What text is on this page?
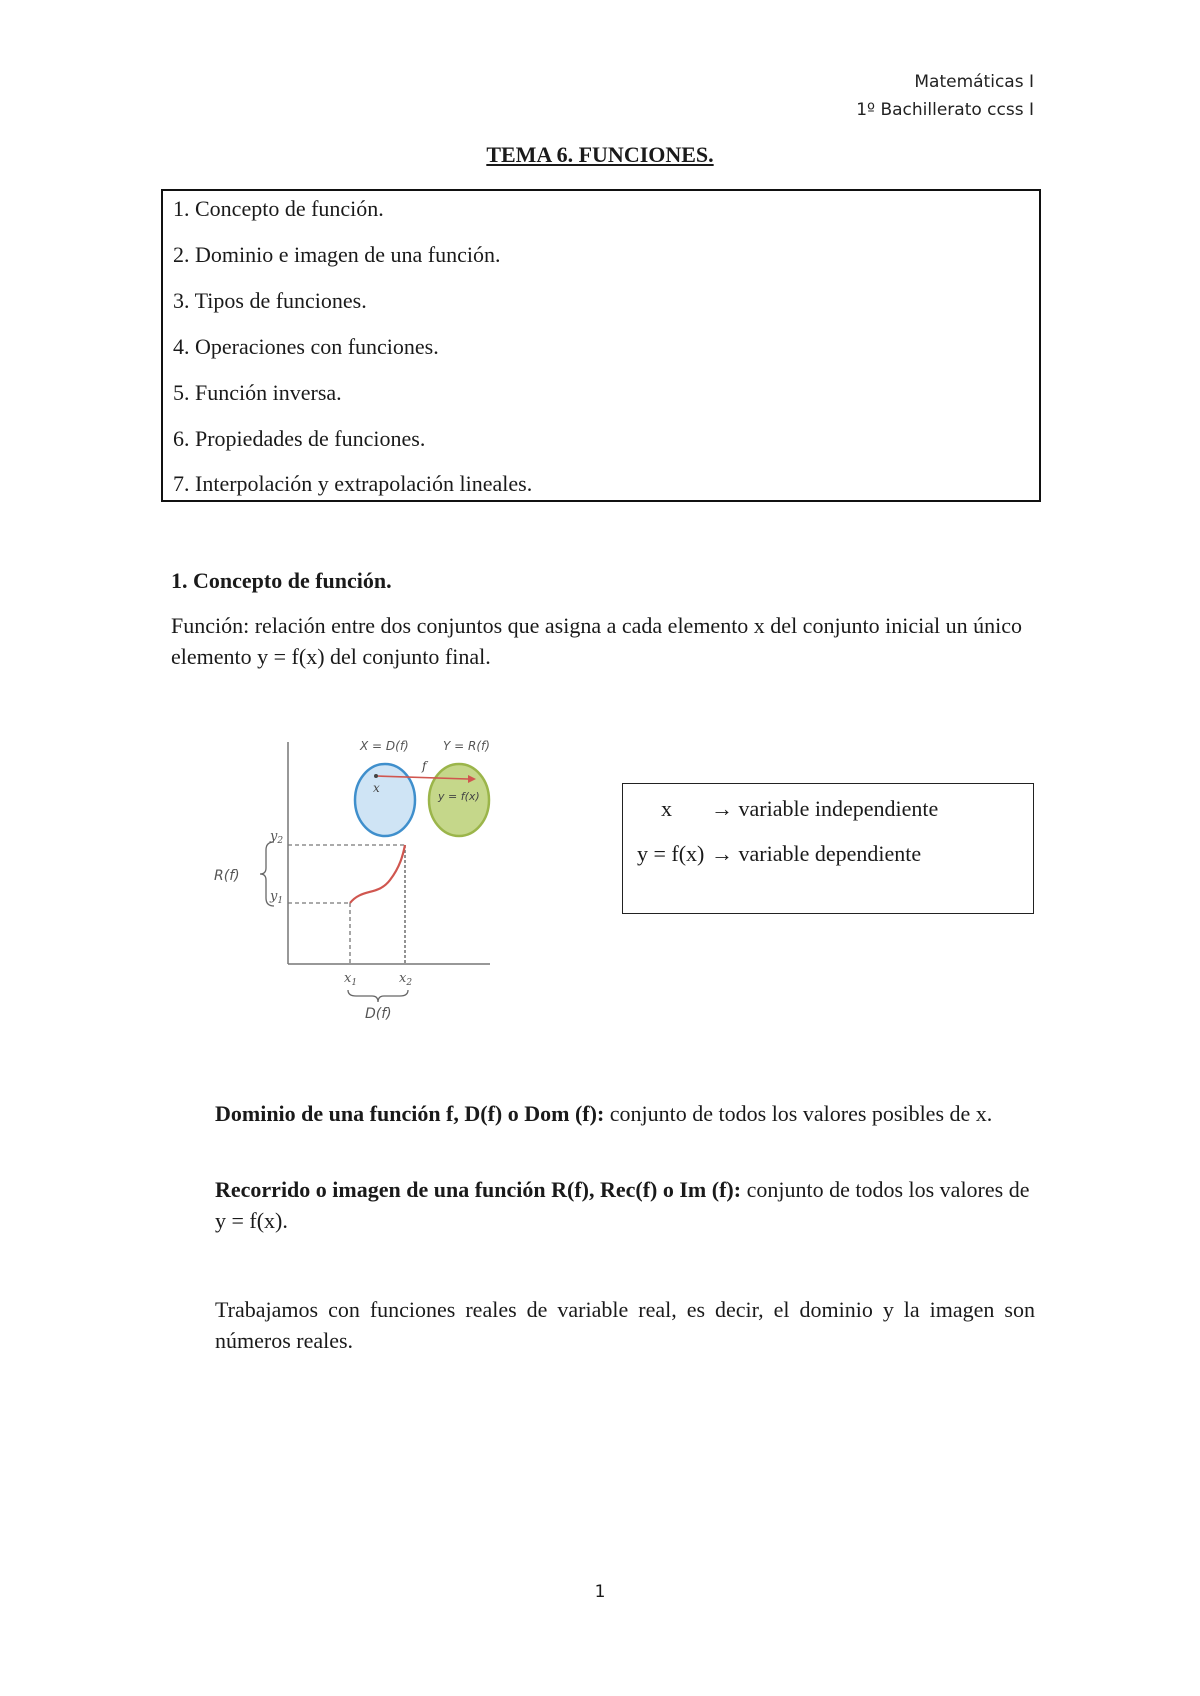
Matemáticas I
1º Bachillerato ccss I
TEMA 6. FUNCIONES.
1. Concepto de función.
2. Dominio e imagen de una función.
3. Tipos de funciones.
4. Operaciones con funciones.
5. Función inversa.
6. Propiedades de funciones.
7. Interpolación y extrapolación lineales.
1. Concepto de función.
Función: relación entre dos conjuntos que asigna a cada elemento x del conjunto inicial un único elemento y = f(x) del conjunto final.
X = D(f)	Y = R(f)
x
f
y = f(x)
R(f)
$y_2$
$y_1$
$x_1$	$x_2$
D(f)
x → variable independiente
y = f(x) → variable dependiente
Dominio de una función f, D(f) o Dom (f): conjunto de todos los valores posibles de x.
Recorrido o imagen de una función R(f), Rec(f) o Im (f): conjunto de todos los valores de y = f(x).
Trabajamos con funciones reales de variable real, es decir, el dominio y la imagen son números reales.
1
